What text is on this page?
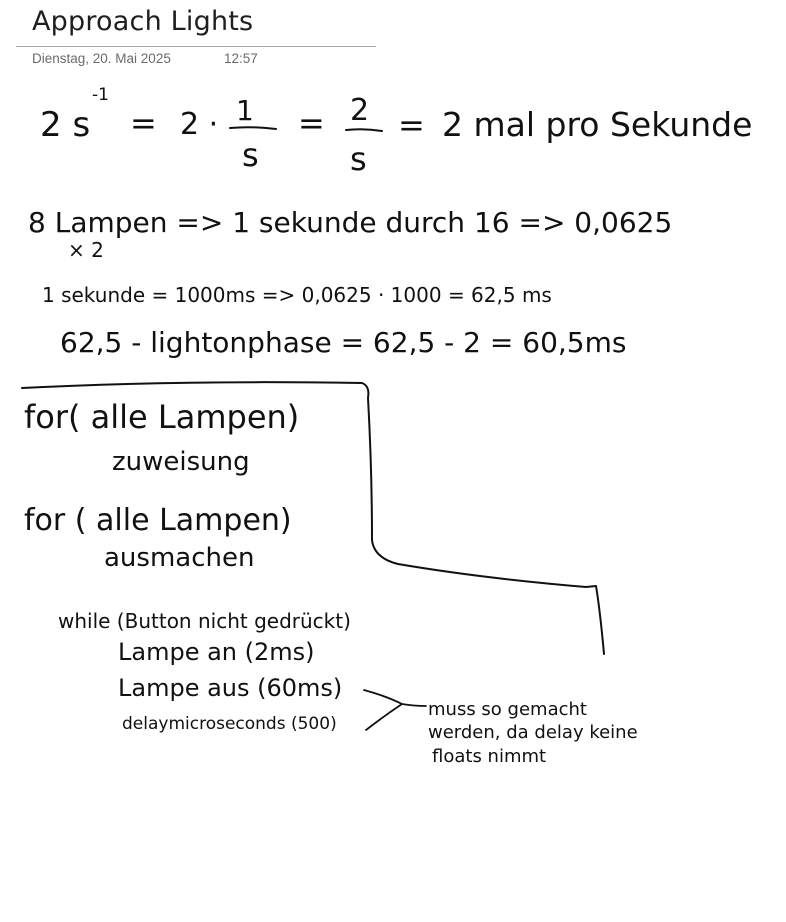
Approach Lights
Dienstag, 20. Mai 2025	12:57
2 s
-1
= 2 · 1
s
= 2
s
= 2 mal pro Sekunde
8 Lampen => 1 sekunde durch 16 => 0,0625
× 2
1 sekunde = 1000ms => 0,0625 · 1000 = 62,5 ms
62,5 - lightonphase = 62,5 - 2 = 60,5ms
for( alle Lampen)
zuweisung
for ( alle Lampen)
ausmachen
while (Button nicht gedrückt)
Lampe an (2ms)
Lampe aus (60ms)
delaymicroseconds (500)
muss so gemacht
werden, da delay keine
floats nimmt
